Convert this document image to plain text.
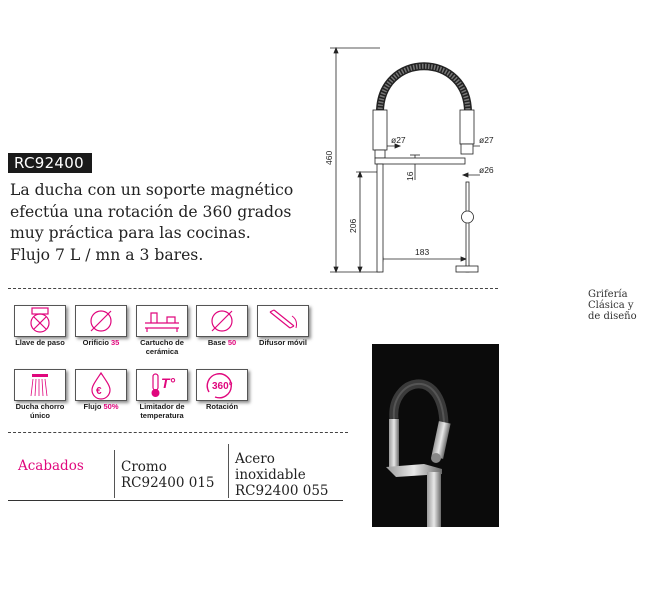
RC92400
La ducha con un soporte magnético
efectúa una rotación de 360 grados
muy práctica para las cocinas.
Flujo 7 L / mn a 3 bares.
460
206
16
183
ø27	ø27
ø26
Llave de paso	Orificio 35	Cartucho de cerámica
Base 50	Difusor móvil
Ducha chorro único
€
Flujo 50%
T°
Limitador de temperatura
360°
Rotación
Grifería
Clásica y
de diseño
Acabados	Cromo
RC92400 015
Acero
inoxidable
RC92400 055
